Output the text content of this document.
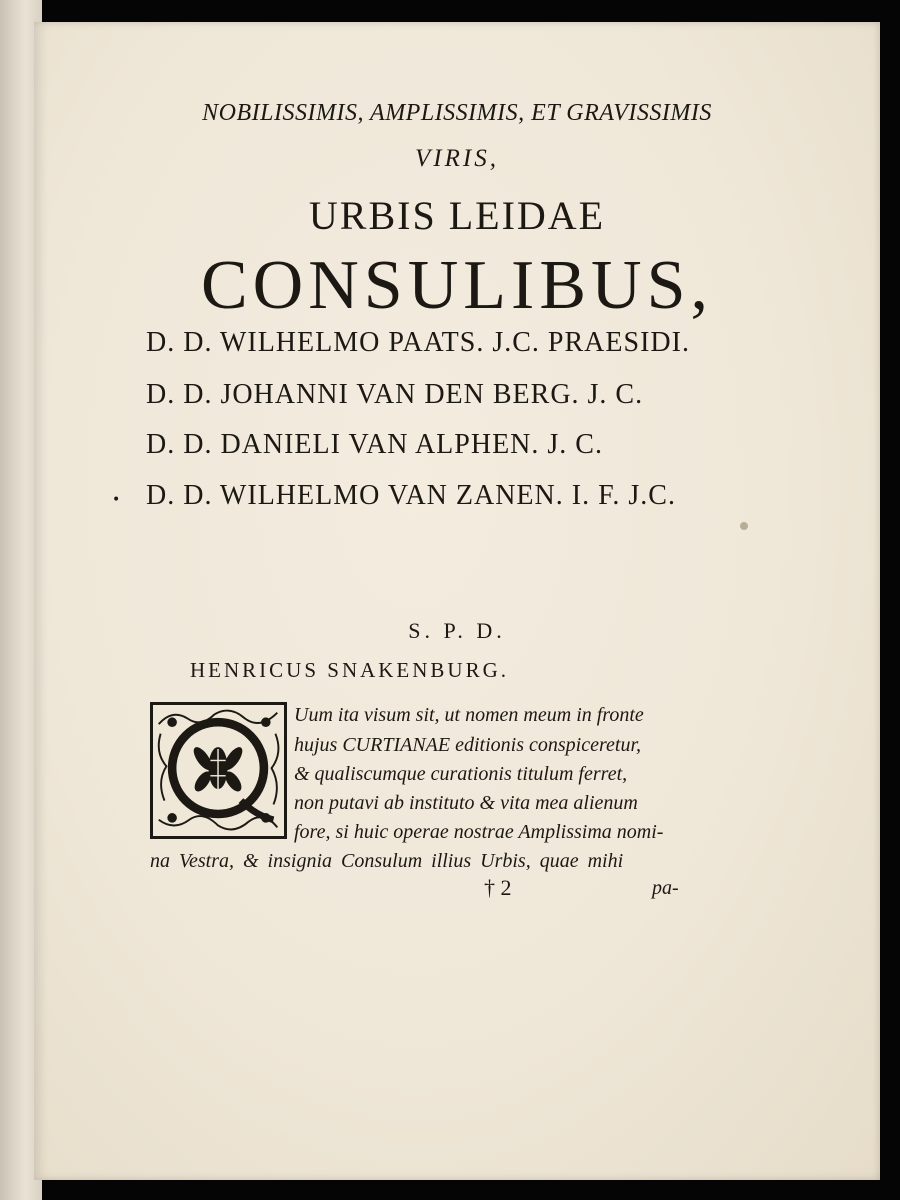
NOBILISSIMIS, AMPLISSIMIS, ET GRAVISSIMIS
VIRIS,
URBIS LEIDAE
CONSULIBUS,
•
D. D. WILHELMO PAATS. J.C. PRAESIDI.
D. D. JOHANNI VAN DEN BERG. J. C.
D. D. DANIELI VAN ALPHEN. J. C.
D. D. WILHELMO VAN ZANEN. I. F. J.C.
S. P. D.
HENRICUS SNAKENBURG.
Uum ita visum sit, ut nomen meum in fronte
hujus CURTIANAE editionis conspiceretur,
& qualiscumque curationis titulum ferret,
non putavi ab instituto & vita mea alienum
fore, si huic operae nostrae Amplissima nomi-
na Vestra, & insignia Consulum illius Urbis, quae mihi
† 2	pa-
